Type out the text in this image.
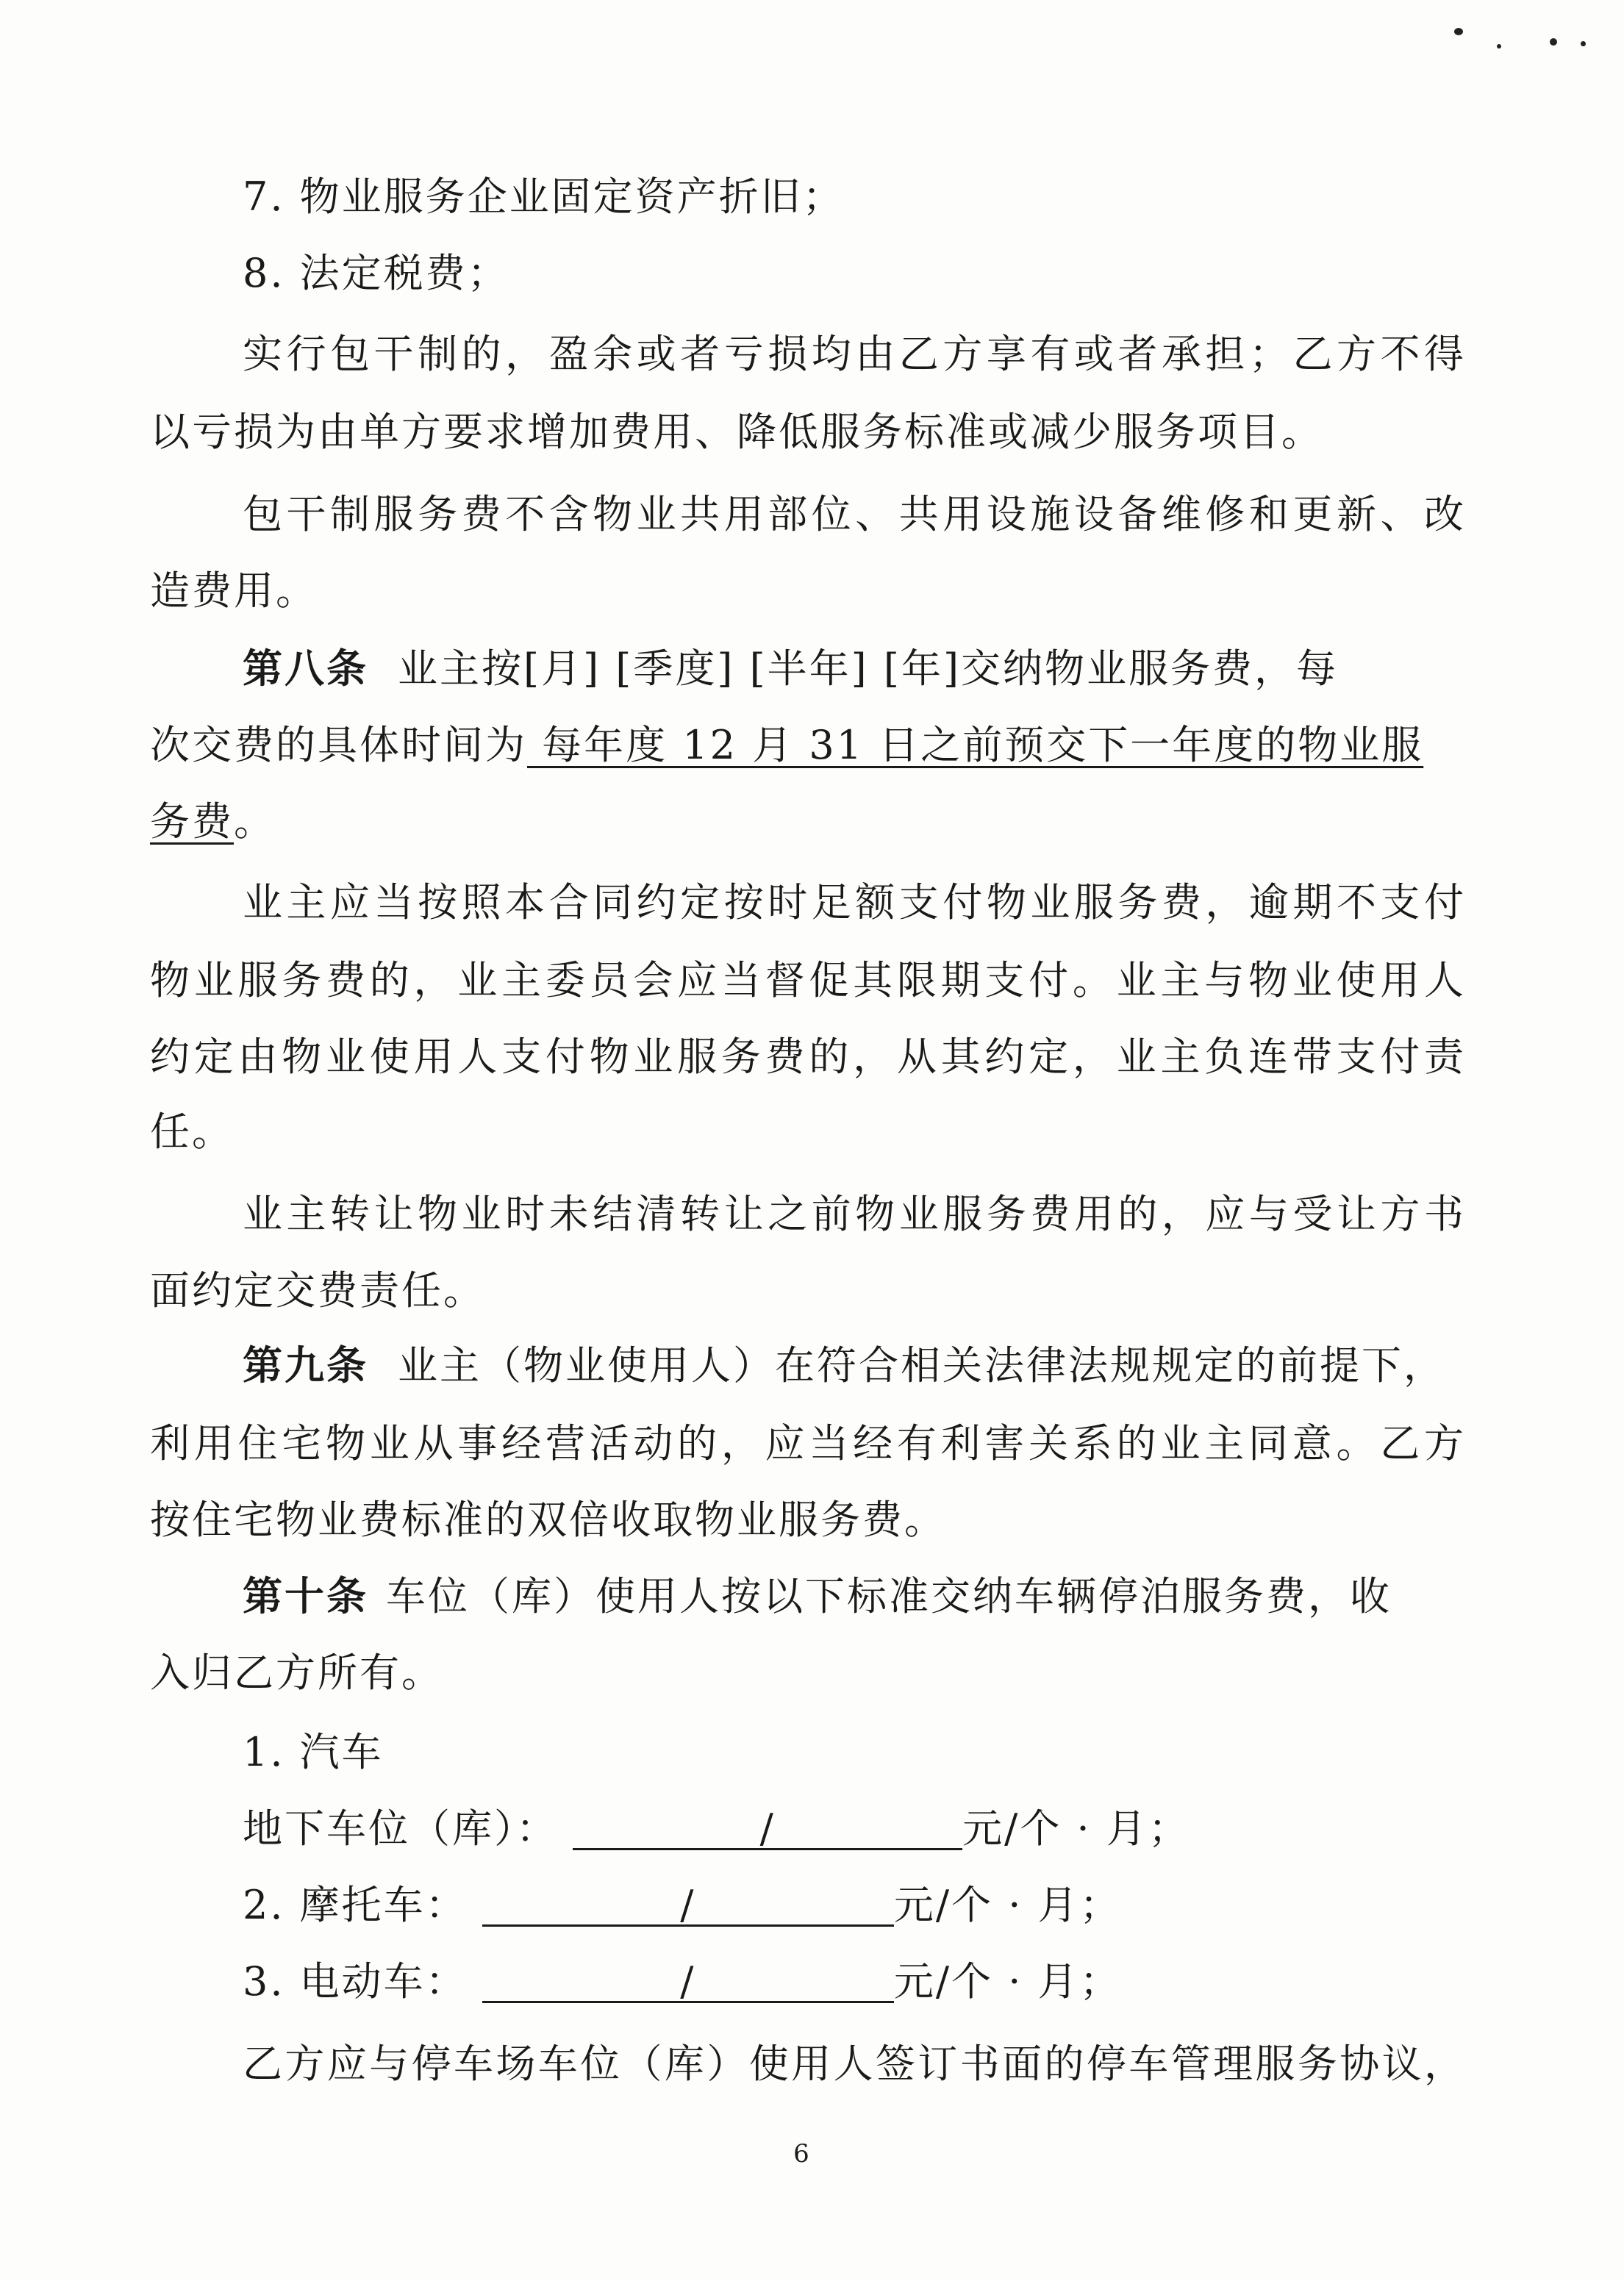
7. 物业服务企业固定资产折旧；
8. 法定税费；
实行包干制的，盈余或者亏损均由乙方享有或者承担；乙方不得
以亏损为由单方要求增加费用、降低服务标准或减少服务项目。
包干制服务费不含物业共用部位、共用设施设备维修和更新、改
造费用。
第八条 业主按[月] [季度] [半年] [年]交纳物业服务费，每
次交费的具体时间为 每年度 12 月 31 日之前预交下一年度的物业服
务费。
业主应当按照本合同约定按时足额支付物业服务费，逾期不支付
物业服务费的，业主委员会应当督促其限期支付。业主与物业使用人
约定由物业使用人支付物业服务费的，从其约定，业主负连带支付责
任。
业主转让物业时未结清转让之前物业服务费用的，应与受让方书
面约定交费责任。
第九条 业主（物业使用人）在符合相关法律法规规定的前提下，
利用住宅物业从事经营活动的，应当经有利害关系的业主同意。乙方
按住宅物业费标准的双倍收取物业服务费。
第十条 车位（库）使用人按以下标准交纳车辆停泊服务费，收
入归乙方所有。
1. 汽车
地下车位（库）：	/	元/个 · 月；
2. 摩托车：	/	元/个 · 月；
3. 电动车：	/	元/个 · 月；
乙方应与停车场车位（库）使用人签订书面的停车管理服务协议，
6
